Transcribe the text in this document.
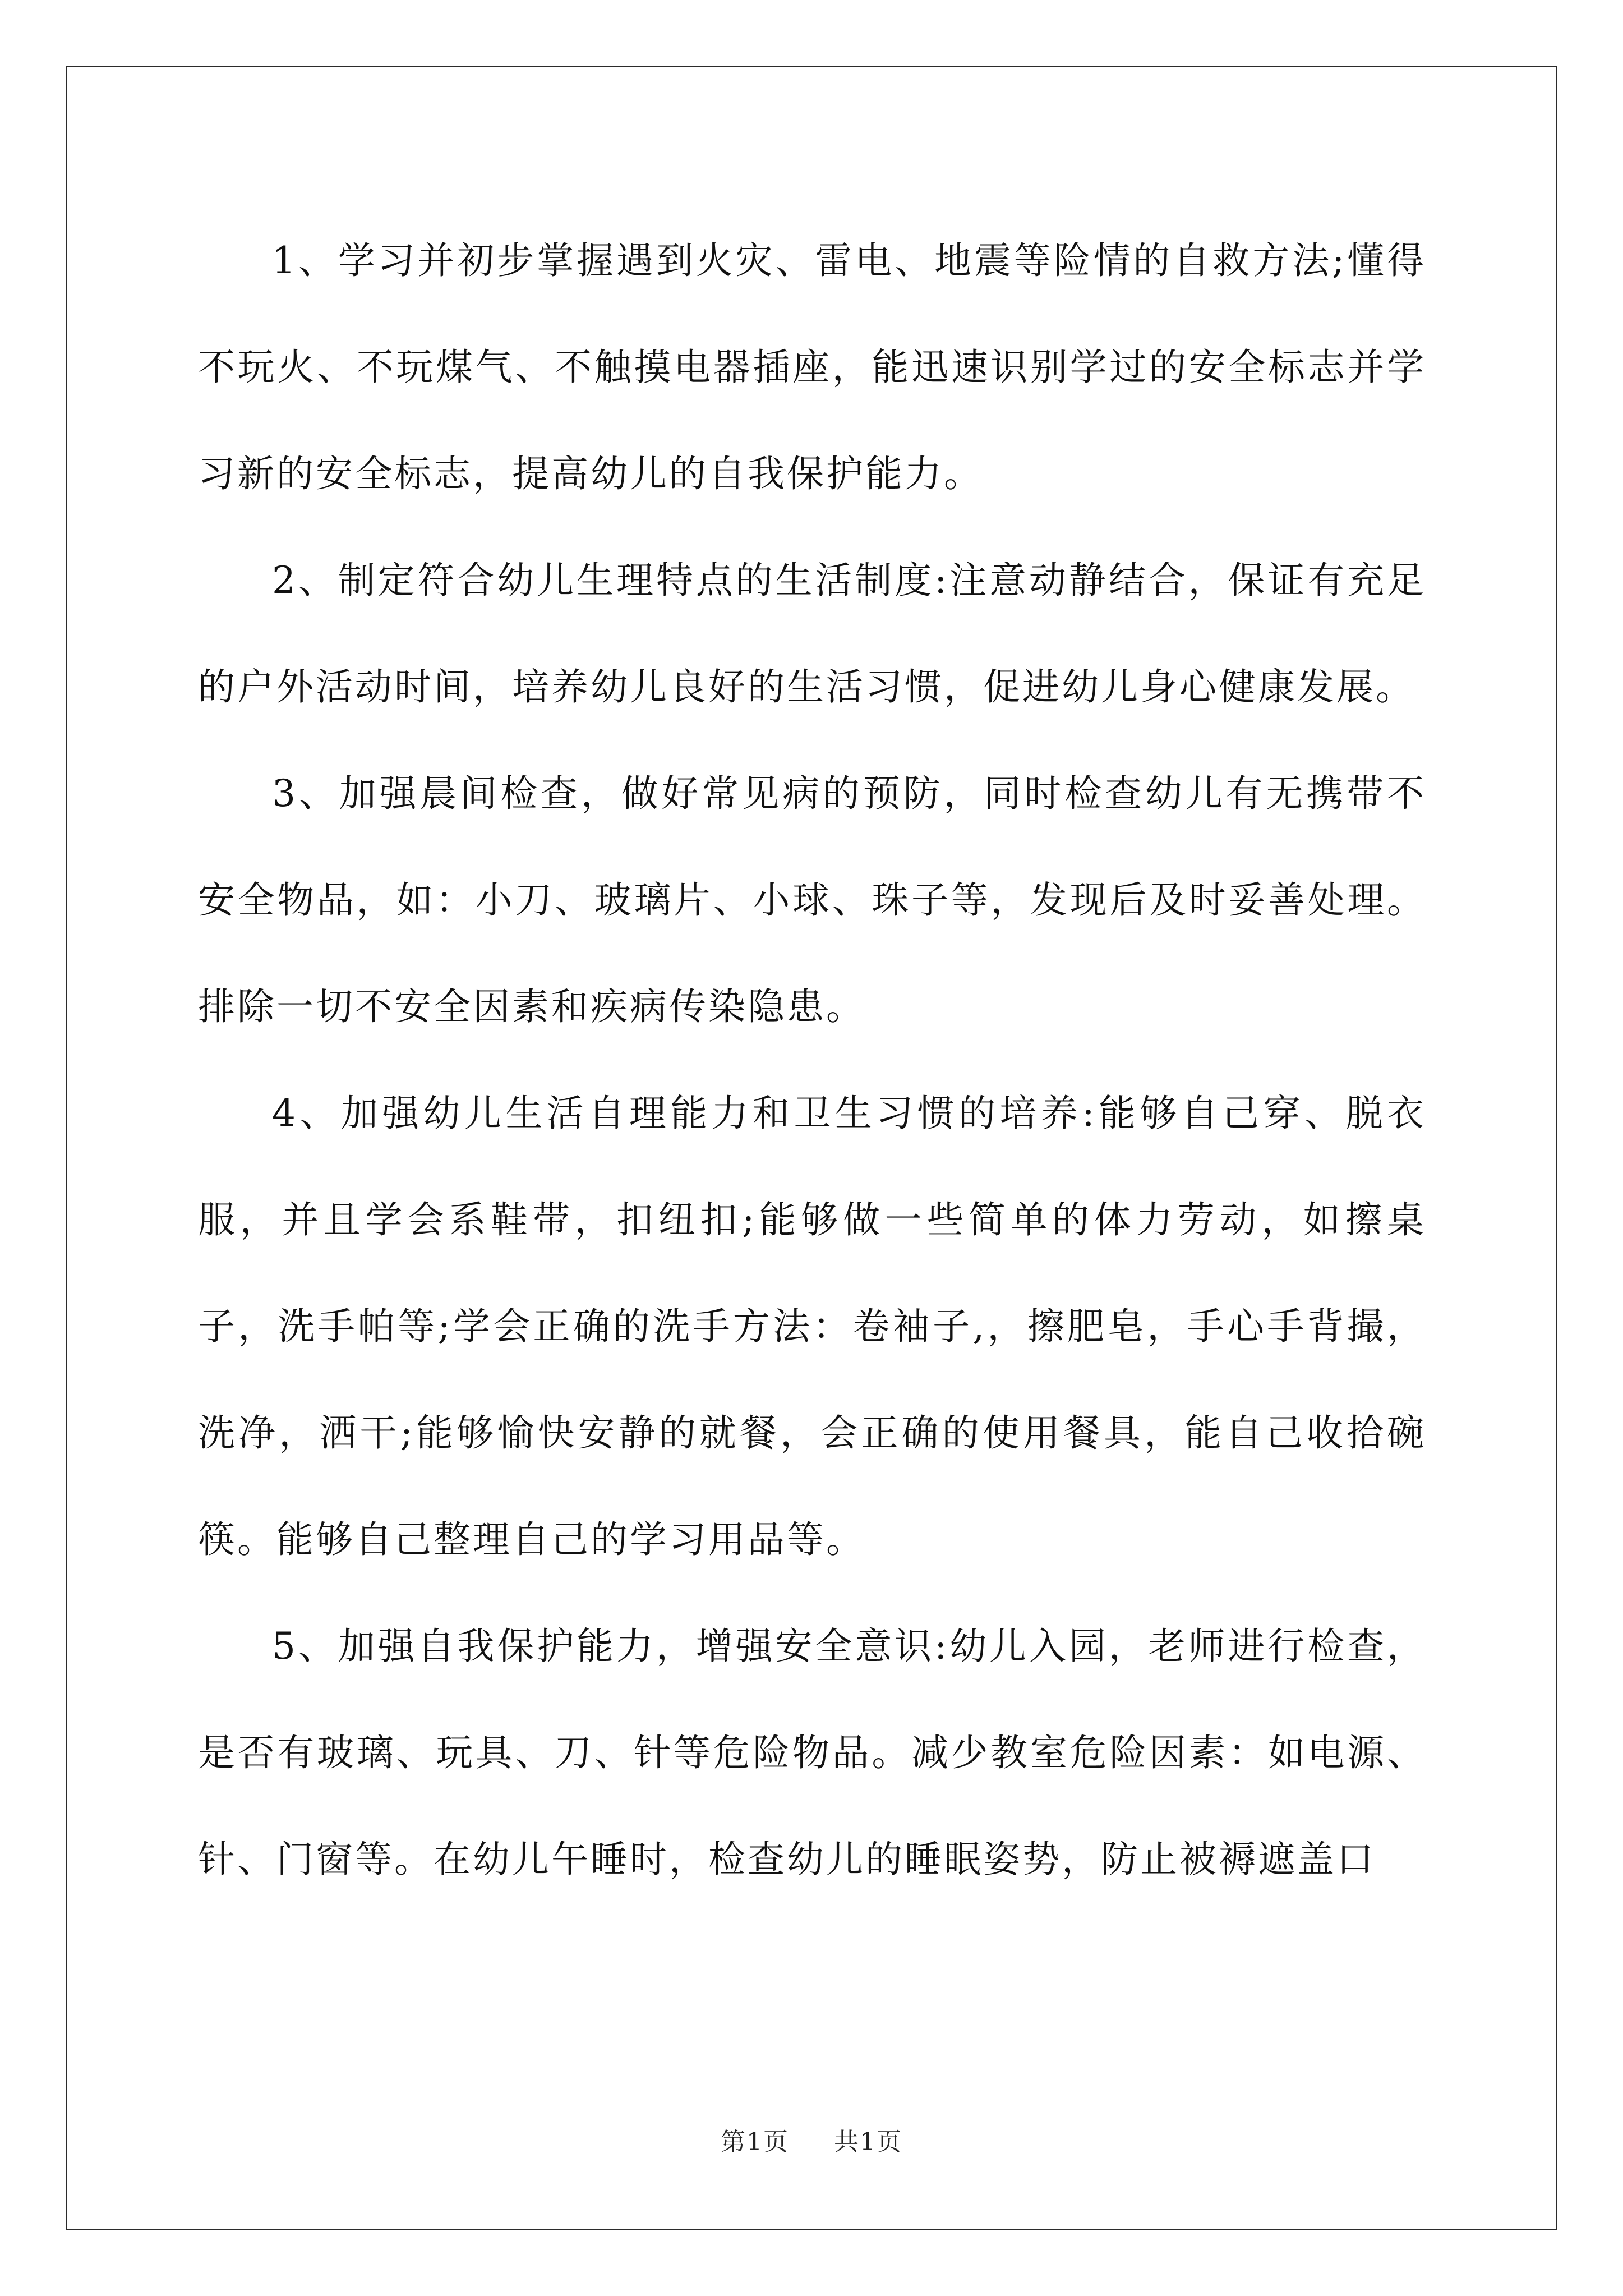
1、学习并初步掌握遇到火灾、雷电、地震等险情的自救方法;懂得不玩火、不玩煤气、不触摸电器插座，能迅速识别学过的安全标志并学习新的安全标志，提高幼儿的自我保护能力。

2、制定符合幼儿生理特点的生活制度:注意动静结合，保证有充足的户外活动时间，培养幼儿良好的生活习惯，促进幼儿身心健康发展。

3、加强晨间检查，做好常见病的预防，同时检查幼儿有无携带不安全物品，如：小刀、玻璃片、小球、珠子等，发现后及时妥善处理。排除一切不安全因素和疾病传染隐患。

4、加强幼儿生活自理能力和卫生习惯的培养:能够自己穿、脱衣服，并且学会系鞋带，扣纽扣;能够做一些简单的体力劳动，如擦桌子，洗手帕等;学会正确的洗手方法：卷袖子,，擦肥皂，手心手背撮，洗净，洒干;能够愉快安静的就餐，会正确的使用餐具，能自己收拾碗筷。能够自己整理自己的学习用品等。

5、加强自我保护能力，增强安全意识:幼儿入园，老师进行检查，是否有玻璃、玩具、刀、针等危险物品。减少教室危险因素：如电源、针、门窗等。在幼儿午睡时，检查幼儿的睡眠姿势，防止被褥遮盖口

第1页 共1页
